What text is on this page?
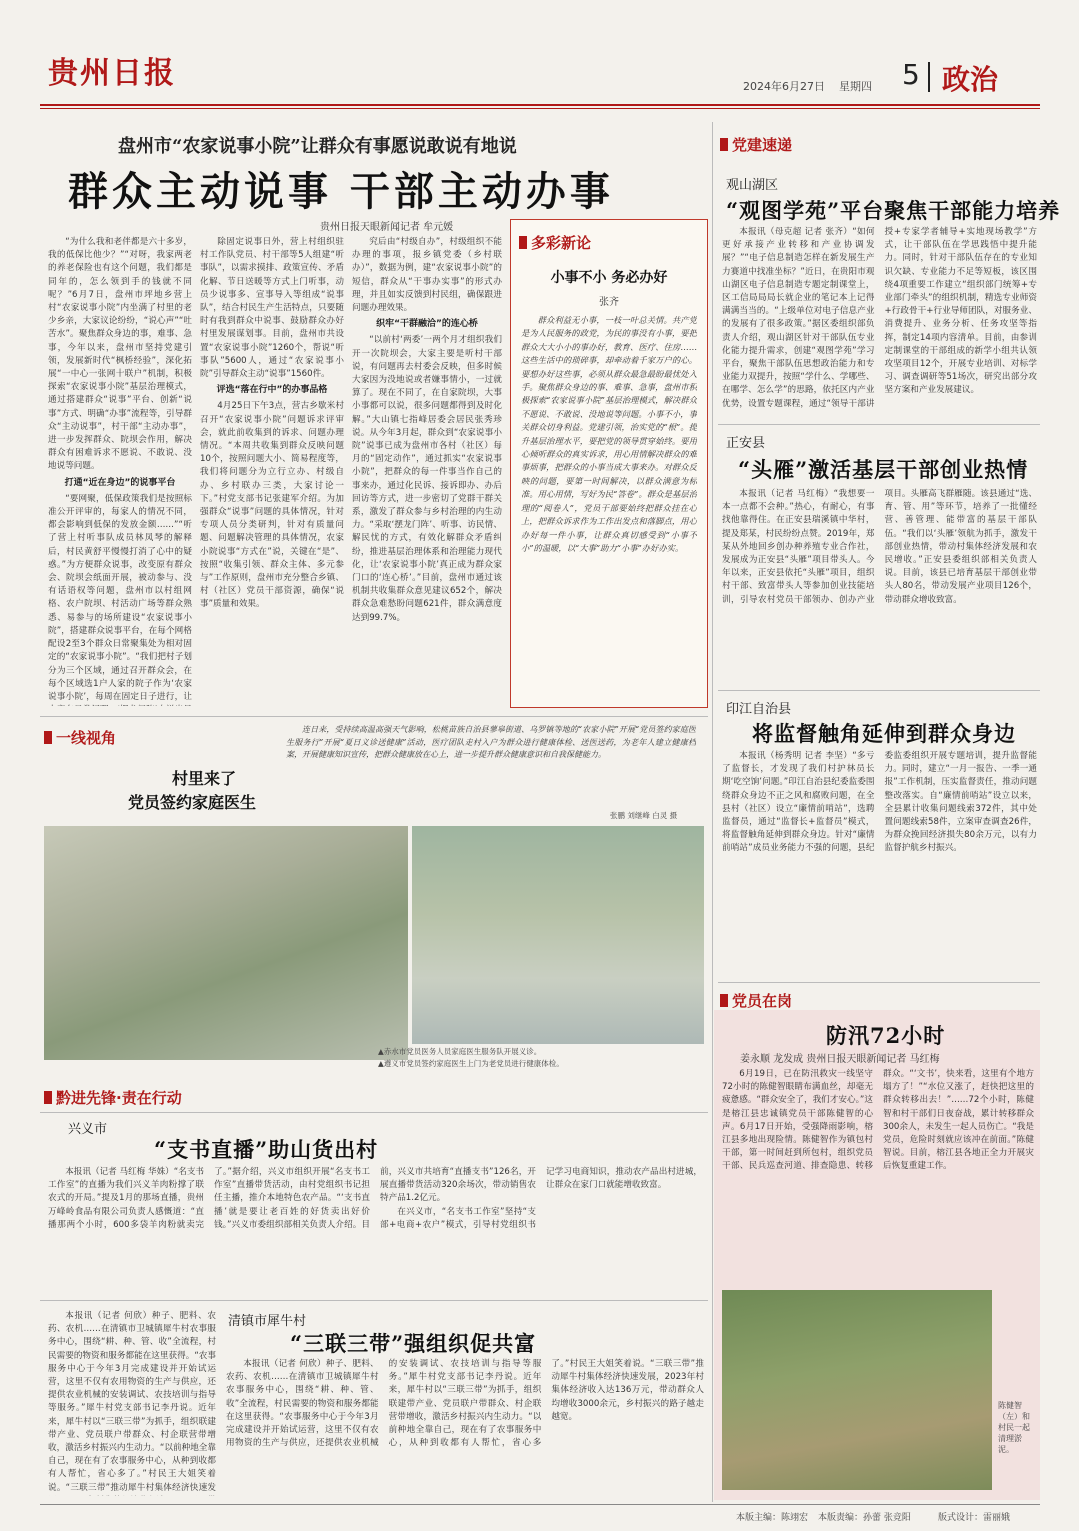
贵州日报	2024年6月27日 星期四 5 政治
盘州市“农家说事小院”让群众有事愿说敢说有地说
群众主动说事 干部主动办事
贵州日报天眼新闻记者 牟元媛

“为什么我和老伴都是六十多岁，我的低保比他少？”“对呀，我家两老的养老保险也有这个问题，我们都是同年的，怎么领到手的钱就不同呢？”6月7日，盘州市坪地乡营上村“农家说事小院”内坐满了村里的老少乡亲，大家议论纷纷，“说心声”“吐苦水”。聚焦群众身边的事，难事、急事，今年以来，盘州市坚持党建引领，发展新时代“枫桥经验”，深化拓展“一中心一张网十联户”机制，积极探索“农家说事小院”基层治理模式，通过搭建群众“说事”平台、创新“说事”方式、明确“办事”流程等，引导群众“主动说事”，村干部“主动办事”，进一步发挥群众、院坝会作用，解决群众有困难诉求不愿说、不敢说、没地说等问题。

打通“近在身边”的说事平台

“要网聚，低保政策我们是按照标准公开评审的，每家人的情况不同，都会影响到低保的发放金额……”“听了营上村听事队成员林凤琴的解释后，村民黄舒平慢慢打消了心中的疑惑。”为方便群众说事，改变原有群众会、院坝会纸面开展，被动参与、没有话语权等问题，盘州市以村组网格、农户院坝、村活动广场等群众熟悉、易参与的场所建设“农家说事小院”，搭建群众说事平台，在每个网格配设2至3个群众日常聚集处为相对固定的“农家说事小院”。“我们把村子划分为三个区域，通过召开群众会，在每个区域选1户人家的院子作为‘农家说事小院’，每周在固定日子进行，让

除固定说事日外，营上村组织驻村工作队党员、村干部等5人组建“听事队”，以需求摸排、政策宣传、矛盾化解、节日送暖等方式上门听事，动员少说事多、宣事导入等组成“说事队”，结合村民生产生活特点，只要随时有我到群众中说事、鼓励群众办好村里发展谋划事。目前，盘州市共设置“农家说事小院”1260个，帮说“听事队”5600人，通过“农家说事小院”引导群众主动“说事”1560件。

评选“落在行中”的办事品格

4月25日下午3点，营古乡歇米村召开“农家说事小院”问题诉求评审会，就此前收集到的诉求、问题办理情况。“本周共收集到群众反映问题10个，按照问题大小、简易程度等，我们将问题分为立行立办、村级自办、乡村联办三类，大家讨论一下。”村党支部书记张建军介绍。为加强群众“说事”问题的具体情况，针对专项人员分类研判，针对有质量问题、问题解决管理的具体情况，农家小院说事“方式在”说，关键在“是”、按照“收集引领、群众主体、多元参与”工作原则，盘州市充分整合乡镇、村（社区）党员干部资源，确保“说事”质量和效果。

究后由“村级自办”，村级组织不能办理的事项，报乡镇党委（乡村联办）”，数据为例，建“农家说事小院”的短信，群众从“干事办实事”的形式办理，并且如实反馈到村民组，确保跟进问题办理效果。

织牢“干群融洽”的连心桥

“以前村‘两委’一两个月才组织我们开一次院坝会，大家主要是听村干部说，有问题再去村委会反映，但多时候大家因为没地说或者嫌事情小，一过就算了。现在不同了，在自家院坝，大事小事都可以说，很多问题都得到及时化解。”大山镇七指峰居委会居民张秀珍说。从今年3月起，群众到“农家说事小院”说事已成为盘州市各村（社区）每月的“固定动作”，通过抓实“农家说事小院”，把群众的每一件事当作自己的事来办，通过化民诉、接诉即办、办后回访等方式，进一步密切了党群干群关系，激发了群众参与乡村治理的内生动力。“采取‘摆龙门阵’、听事、访民情、解民忧的方式，有效化解群众矛盾纠纷，推进基层治理体系和治理能力现代化，让‘农家说事小院’真正成为群众家门口的‘连心桥’。”目前，盘州市通过该机制共收集群众意见建议652个，解决群众急难愁盼问题621件，群众满意度达到99.7%。

多彩新论
小事不小 务必办好
张齐

群众利益无小事，一枝一叶总关情。共产党是为人民服务的政党，为民的事没有小事，要把群众大大小小的事办好，教育、医疗、住房……这些生活中的琐碎事，却牵动着千家万户的心。要想办好这些事，必须从群众最急最盼最忧处入手。聚焦群众身边的事、难事、急事，盘州市积极探索“农家说事小院”基层治理模式，解决群众不愿说、不敢说、没地说等问题。小事不小，事关群众切身利益。党建引领，治实党的“根”。提升基层治理水平，要把党的领导贯穿始终。要用心倾听群众的真实诉求，用心用情解决群众的难事烦事，把群众的小事当成大事来办。对群众反映的问题，要第一时间解决，以群众满意为标准。用心用情，写好为民“答卷”。群众是基层治理的“阅卷人”，党员干部要始终把群众挂在心上，把群众诉求作为工作出发点和落脚点，用心办好每一件小事，让群众真切感受到“小事不小”的温暖，以“大事”助力“小事”办好办实。

党建速递
观山湖区
“观图学苑”平台聚焦干部能力培养

本报讯（母克超 记者 张齐）“如何更好承接产业转移和产业协调发展？”“电子信息制造怎样在新发展生产力赛道中找准坐标？”近日，在贵阳市观山湖区电子信息制造专题定制课堂上，区工信局局局长就企业的笔记本上记得满满当当的。“上级单位对电子信息产业的发展有了很多政策。”据区委组织部负责人介绍，观山湖区针对干部队伍专业化能力提升需求，创建“观图学苑”学习平台，聚焦干部队伍思想政治能力和专业能力双提升，按照“学什么、学哪些、在哪学、怎么学”的思路，依托区内产业优势，设置专题课程，通过“领导干部讲授+专家学者辅导+实地现场教学”方式，让干部队伍在学思践悟中提升能力。同时，针对干部队伍存在的专业知识欠缺、专业能力不足等短板，该区围绕4项重要工作建立“组织部门统筹+专业部门牵头”的组织机制，精选专业师资+行政骨干+行业导师团队，对服务业、消费提升、业务分析、任务攻坚等指挥，制定14项内容清单。目前，由参训定制课堂的干部组成的新学小组共认领攻坚项目12个，开展专业培训、对标学习、调查调研等51场次，研究出部分攻坚方案和产业发展建议。

正安县
“头雁”激活基层干部创业热情

本报讯（记者 马红梅）“我想要一本一点都不会种。”热心，有耐心，有事找他靠得住。在正安县瑞溪镇中华村，提及郑某，村民纷纷点赞。2019年，郑某从外地回乡创办种养殖专业合作社，发展成为正安县“头雁”项目带头人。今年以来，正安县依托“头雁”项目，组织村干部、致富带头人等参加创业技能培训，引导农村党员干部领办、创办产业项目。头雁高飞群雁随。该县通过“选、育、管、用”等环节，培养了一批懂经营、善管理、能带富的基层干部队伍。“我们以‘头雁’领航为抓手，激发干部创业热情，带动村集体经济发展和农民增收。”正安县委组织部相关负责人说。目前，该县已培育基层干部创业带头人80名，带动发展产业项目126个，带动群众增收致富。

印江自治县
将监督触角延伸到群众身边

本报讯（杨秀明 记者 李坚）“多亏了监督长，才发现了我们村护林员长期‘吃空饷’问题。”印江自治县纪委监委围绕群众身边不正之风和腐败问题，在全县村（社区）设立“廉情前哨站”，选聘监督员，通过“监督长+监督员”模式，将监督触角延伸到群众身边。针对“廉情前哨站”成员业务能力不强的问题，县纪委监委组织开展专题培训，提升监督能力。同时，建立“一月一报告、一季一通报”工作机制，压实监督责任，推动问题整改落实。自“廉情前哨站”设立以来，全县累计收集问题线索372件，其中处置问题线索58件，立案审查调查26件，为群众挽回经济损失80余万元，以有力监督护航乡村振兴。

一线视角
村里来了
党员签约家庭医生

连日来，受持续高温高强天气影响，松桃苗族自治县蓼皋街道、乌罗镇等地的“农家小院”开展“党员签约家庭医生服务行”开展“夏日义诊送健康”活动，医疗团队走村入户为群众进行健康体检、送医送药，为老年人建立健康档案，开展健康知识宣传，把群众健康放在心上，进一步提升群众健康意识和自我保健能力。

张鹏 刘继峰 白灵 摄
▲赤水市党员医务人员家庭医生服务队开展义诊。
▲遵义市党员签约家庭医生上门为老党员进行健康体检。
黔进先锋·责在行动
兴义市
“支书直播”助山货出村

本报讯（记者 马红梅 华姝）“名支书工作室”的直播为我们兴义羊肉粉撑了联农式的开局。”提及1月的那场直播，贵州万峰岭食品有限公司负责人感慨道：“直播那两个小时，600多袋羊肉粉就卖完了。”据介绍，兴义市组织开展“名支书工作室”直播带货活动，由村党组织书记担任主播，推介本地特色农产品。“‘支书直播’就是要让老百姓的好货卖出好价钱。”兴义市委组织部相关负责人介绍。目前，兴义市共培育“直播支书”126名，开展直播带货活动320余场次，带动销售农特产品1.2亿元。

在兴义市，“名支书工作室”坚持“支部+电商+农户”模式，引导村党组织书记学习电商知识，推动农产品出村进城，让群众在家门口就能增收致富。

清镇市犀牛村
“三联三带”强组织促共富

本报讯（记者 何欣）种子、肥料、农药、农机……在清镇市卫城镇犀牛村农事服务中心，围绕“耕、种、管、收”全流程，村民需要的物资和服务都能在这里获得。“农事服务中心于今年3月完成建设并开始试运营，这里不仅有农用物资的生产与供应，还提供农业机械的安装调试、农技培训与指导等服务。”犀牛村党支部书记李丹说。近年来，犀牛村以“三联三带”为抓手，组织联建带产业、党员联户带群众、村企联营带增收，激活乡村振兴内生动力。“以前种地全靠自己，现在有了农事服务中心，从种到收都有人帮忙，省心多了。”村民王大姐笑着说。“三联三带”推动犀牛村集体经济快速发

本报讯（记者 何欣）种子、肥料、农药、农机……在清镇市卫城镇犀牛村农事服务中心，围绕“耕、种、管、收”全流程，村民需要的物资和服务都能在这里获得。“农事服务中心于今年3月完成建设并开始试运营，这里不仅有农用物资的生产与供应，还提供农业机械的安装调试、农技培训与指导等服务。”犀牛村党支部书记李丹说。近年来，犀牛村以“三联三带”为抓手，组织联建带产业、党员联户带群众、村企联营带增收，激活乡村振兴内生动力。“以前种地全靠自己，现在有了农事服务中心，从种到收都有人帮忙，省心多了。”村民王大姐笑着说。“三联三带”推动犀牛村集体经济快速发展，2023年村集体经济收入达136万元，带动群众人均增收3000余元，乡村振兴的路子越走越宽。

党员在岗
防汛72小时
姜永顺 龙发成 贵州日报天眼新闻记者 马红梅

6月19日，已在防汛救灾一线坚守72小时的陈健智眼睛布满血丝，却毫无疲惫感。“群众安全了，我们才安心。”这是榕江县忠诚镇党员干部陈健智的心声。6月17日开始，受强降雨影响，榕江县多地出现险情。陈健智作为镇包村干部，第一时间赶到所包村，组织党员干部、民兵巡查河道、排查隐患、转移群众。“‘文书’，快来看，这里有个地方塌方了！”“水位又涨了，赶快把这里的群众转移出去！”……72个小时，陈健智和村干部们日夜奋战，累计转移群众300余人，未发生一起人员伤亡。“我是党员，危险时刻就应该冲在前面。”陈健智说。目前，榕江县各地正全力开展灾后恢复重建工作。

陈健智（左）和村民一起清理淤泥。
本版主编：陈翊宏 本版责编：孙蕾 张竞阳	版式设计：雷丽娥
